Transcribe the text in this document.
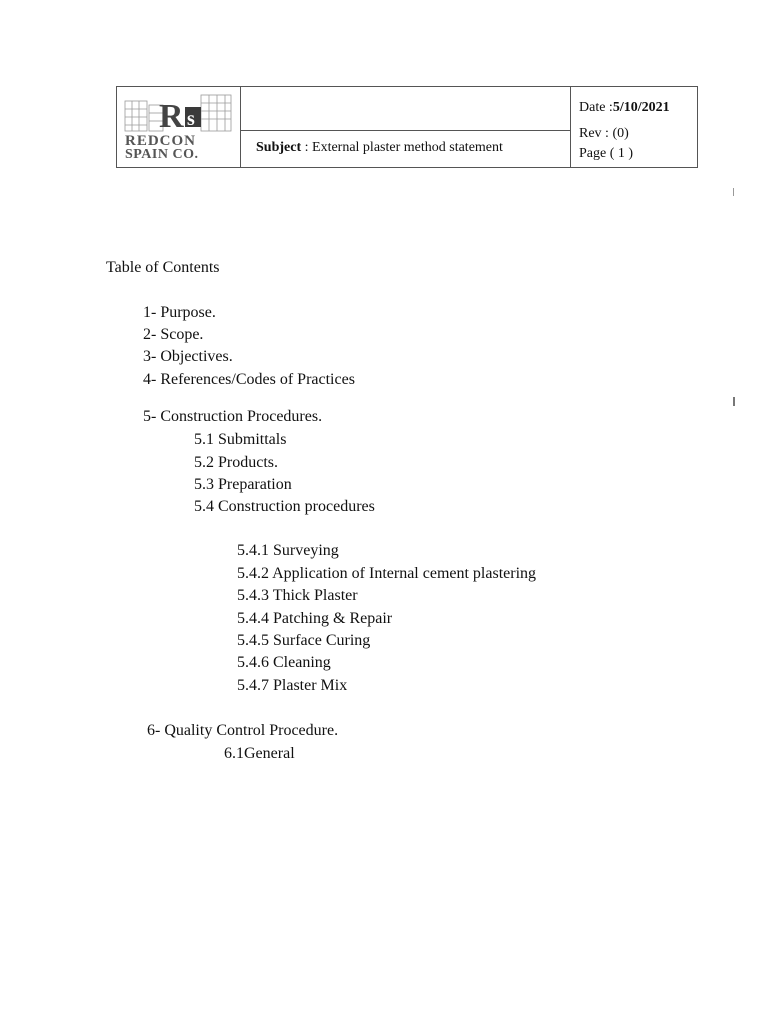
R s
REDCON
SPAIN CO.	Subject : External plaster method statement
Date :5/10/2021
Rev : (0)
Page ( 1 )
Table of Contents
1- Purpose.
2- Scope.
3- Objectives.
4- References/Codes of Practices
5- Construction Procedures.
5.1 Submittals
5.2 Products.
5.3 Preparation
5.4 Construction procedures
5.4.1 Surveying
5.4.2 Application of Internal cement plastering
5.4.3 Thick Plaster
5.4.4 Patching & Repair
5.4.5 Surface Curing
5.4.6 Cleaning
5.4.7 Plaster Mix
6- Quality Control Procedure.
6.1General
